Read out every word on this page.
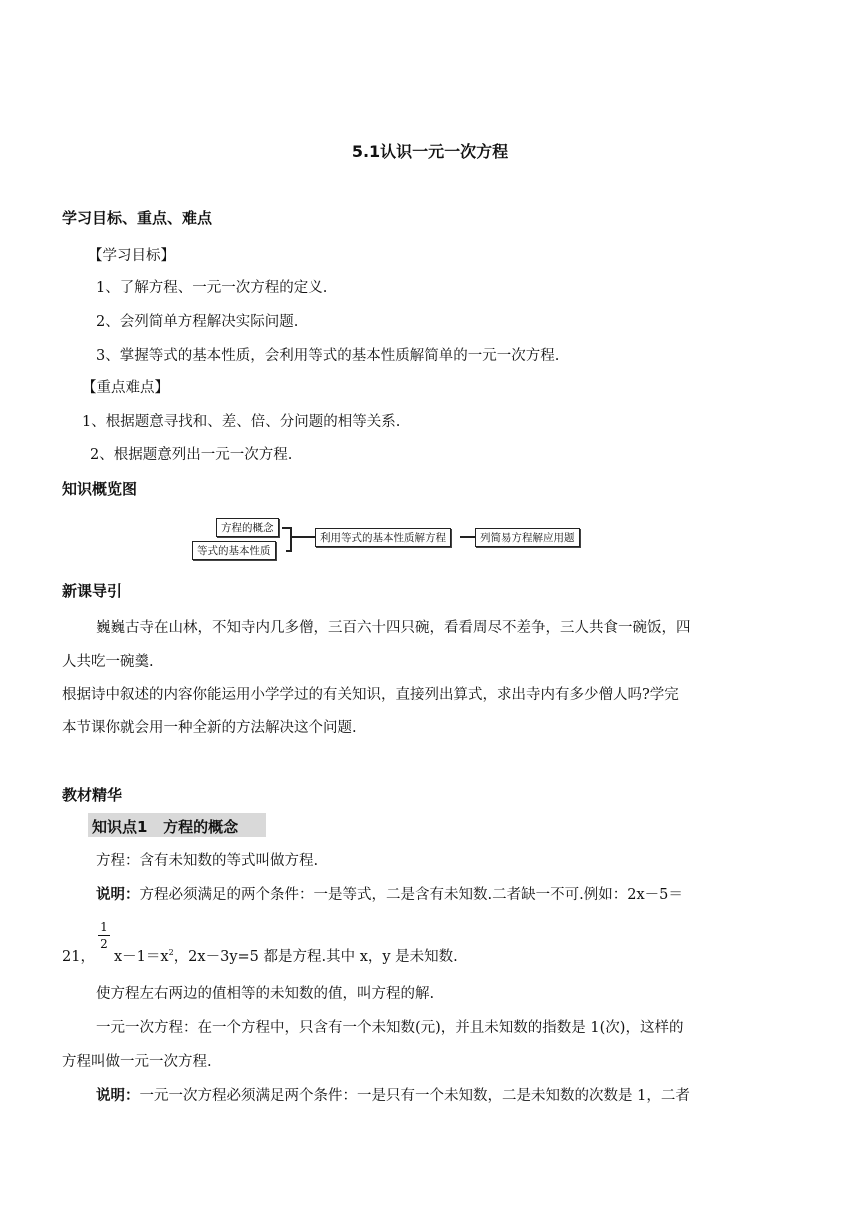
5.1认识一元一次方程
学习目标、重点、难点
【学习目标】
1、了解方程、一元一次方程的定义.
2、会列简单方程解决实际问题.
3、掌握等式的基本性质，会利用等式的基本性质解简单的一元一次方程.
【重点难点】
1、根据题意寻找和、差、倍、分问题的相等关系.
2、根据题意列出一元一次方程.
知识概览图
方程的概念
等式的基本性质
利用等式的基本性质解方程	列简易方程解应用题
新课导引
巍巍古寺在山林，不知寺内几多僧，三百六十四只碗，看看周尽不差争，三人共食一碗饭，四
人共吃一碗羹.
根据诗中叙述的内容你能运用小学学过的有关知识，直接列出算式，求出寺内有多少僧人吗?学完
本节课你就会用一种全新的方法解决这个问题.
教材精华
知识点1   方程的概念
方程：含有未知数的等式叫做方程.
说明：方程必须满足的两个条件：一是等式，二是含有未知数.二者缺一不可.例如：2x－5＝
1
2
21， $x-1=x^2$，2x－3y=5 都是方程.其中 x，y 是未知数.
使方程左右两边的值相等的未知数的值，叫方程的解.
一元一次方程：在一个方程中，只含有一个未知数(元)，并且未知数的指数是 1(次)，这样的
方程叫做一元一次方程.
说明：一元一次方程必须满足两个条件：一是只有一个未知数，二是未知数的次数是 1，二者
